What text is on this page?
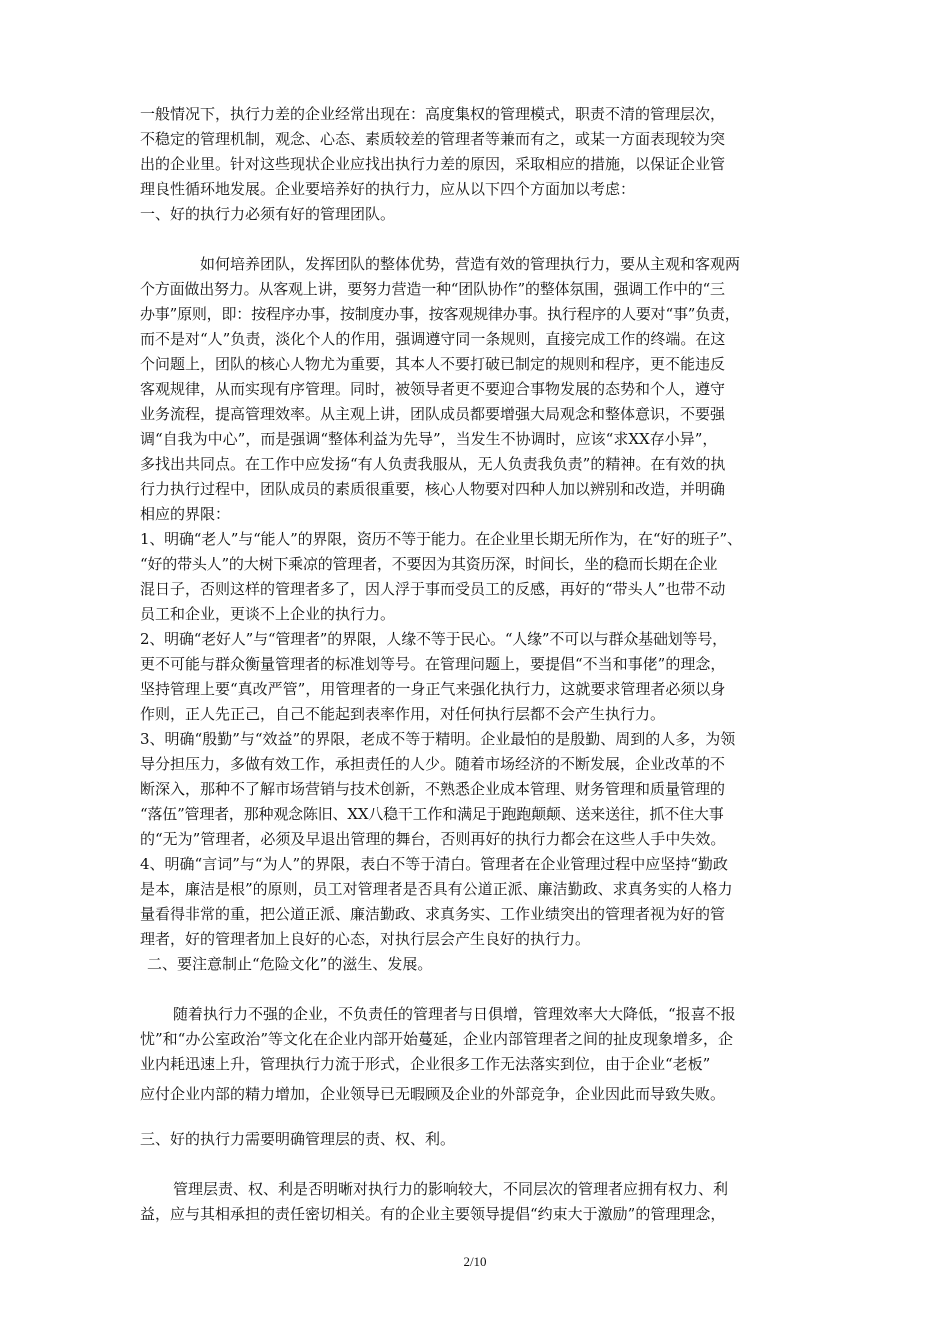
一般情况下，执行力差的企业经常出现在：高度集权的管理模式，职责不清的管理层次，
不稳定的管理机制，观念、心态、素质较差的管理者等兼而有之，或某一方面表现较为突
出的企业里。针对这些现状企业应找出执行力差的原因，采取相应的措施，以保证企业管
理良性循环地发展。企业要培养好的执行力，应从以下四个方面加以考虑：
一、好的执行力必须有好的管理团队。
如何培养团队，发挥团队的整体优势，营造有效的管理执行力，要从主观和客观两
个方面做出努力。从客观上讲，要努力营造一种“团队协作”的整体氛围，强调工作中的“三
办事”原则，即：按程序办事，按制度办事，按客观规律办事。执行程序的人要对“事”负责，
而不是对“人”负责，淡化个人的作用，强调遵守同一条规则，直接完成工作的终端。在这
个问题上，团队的核心人物尤为重要，其本人不要打破已制定的规则和程序，更不能违反
客观规律，从而实现有序管理。同时，被领导者更不要迎合事物发展的态势和个人，遵守
业务流程，提高管理效率。从主观上讲，团队成员都要增强大局观念和整体意识，不要强
调“自我为中心”，而是强调“整体利益为先导”，当发生不协调时，应该“求XX存小异”，
多找出共同点。在工作中应发扬“有人负责我服从，无人负责我负责”的精神。在有效的执
行力执行过程中，团队成员的素质很重要，核心人物要对四种人加以辨别和改造，并明确
相应的界限：
1、明确“老人”与“能人”的界限，资历不等于能力。在企业里长期无所作为，在“好的班子”、
“好的带头人”的大树下乘凉的管理者，不要因为其资历深，时间长，坐的稳而长期在企业
混日子，否则这样的管理者多了，因人浮于事而受员工的反感，再好的“带头人”也带不动
员工和企业，更谈不上企业的执行力。
2、明确“老好人”与“管理者”的界限，人缘不等于民心。“人缘”不可以与群众基础划等号，
更不可能与群众衡量管理者的标准划等号。在管理问题上，要提倡“不当和事佬”的理念，
坚持管理上要“真改严管”，用管理者的一身正气来强化执行力，这就要求管理者必须以身
作则，正人先正己，自己不能起到表率作用，对任何执行层都不会产生执行力。
3、明确“殷勤”与“效益”的界限，老成不等于精明。企业最怕的是殷勤、周到的人多，为领
导分担压力，多做有效工作，承担责任的人少。随着市场经济的不断发展，企业改革的不
断深入，那种不了解市场营销与技术创新，不熟悉企业成本管理、财务管理和质量管理的
“落伍”管理者，那种观念陈旧、XX八稳干工作和满足于跑跑颠颠、送来送往，抓不住大事
的“无为”管理者，必须及早退出管理的舞台，否则再好的执行力都会在这些人手中失效。
4、明确“言词”与“为人”的界限，表白不等于清白。管理者在企业管理过程中应坚持“勤政
是本，廉洁是根”的原则，员工对管理者是否具有公道正派、廉洁勤政、求真务实的人格力
量看得非常的重，把公道正派、廉洁勤政、求真务实、工作业绩突出的管理者视为好的管
理者，好的管理者加上良好的心态，对执行层会产生良好的执行力。
二、要注意制止“危险文化”的滋生、发展。
随着执行力不强的企业，不负责任的管理者与日俱增，管理效率大大降低，“报喜不报
忧”和“办公室政治”等文化在企业内部开始蔓延，企业内部管理者之间的扯皮现象增多，企
业内耗迅速上升，管理执行力流于形式，企业很多工作无法落实到位，由于企业“老板”
应付企业内部的精力增加，企业领导已无暇顾及企业的外部竞争，企业因此而导致失败。
三、好的执行力需要明确管理层的责、权、利。
管理层责、权、利是否明晰对执行力的影响较大，不同层次的管理者应拥有权力、利
益，应与其相承担的责任密切相关。有的企业主要领导提倡“约束大于激励”的管理理念，
2/10
